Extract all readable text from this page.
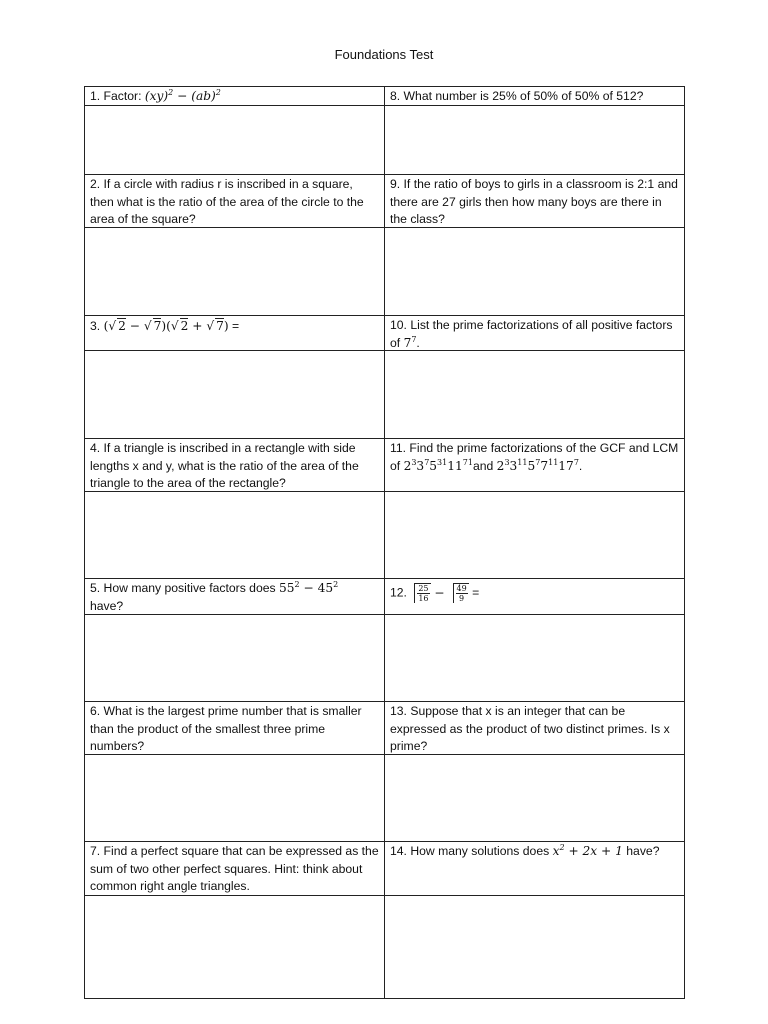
Foundations Test
1. Factor: (xy)$^2$ − (ab)$^2$
2. If a circle with radius r is inscribed in a square, then what is the ratio of the area of the circle to the area of the square?
3. (√ 2 − √ 7)(√ 2 + √ 7) =
4. If a triangle is inscribed in a rectangle with side lengths x and y, what is the ratio of the area of the triangle to the area of the rectangle?
5. How many positive factors does $55^2 - 45^2$
have?
6. What is the largest prime number that is smaller than the product of the smallest three prime numbers?
7. Find a perfect square that can be expressed as the sum of two other perfect squares. Hint: think about common right angle triangles.
8. What number is 25% of 50% of 50% of 512?
9. If the ratio of boys to girls in a classroom is 2:1 and there are 27 girls then how many boys are there in the class?
10. List the prime factorizations of all positive factors of $7^7$.
11. Find the prime factorizations of the GCF and LCM of $2^33^75^{31}11^{71}and$ $2^33^{11}5^77^{11}17^7$.
12. $\frac{25}{16} - \frac{49}{9}$ =
13. Suppose that x is an integer that can be expressed as the product of two distinct primes. Is x prime?
14. How many solutions does $x^2 + 2x + 1$ have?
